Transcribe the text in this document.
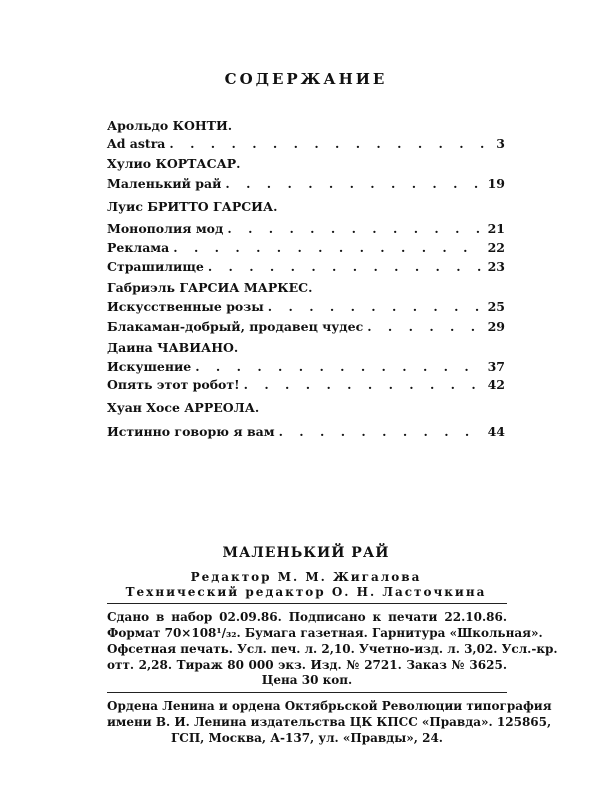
СОДЕРЖАНИЕ
Арольдо КОНТИ.
Ad astra . . .	3
Хулио КОРТАСАР.
Маленький рай . . .	19
Луис БРИТТО ГАРСИА.
Монополия мод . . .	21
Реклама . . .	22
Страшилище . . .	23
Габриэль ГАРСИА МАРКЕС.
Искусственные розы . . .	25
Блакаман-добрый, продавец чудес . . .	29
Даина ЧАВИАНО.
Искушение . . .	37
Опять этот робот! . . .	42
Хуан Хосе АРРЕОЛА.
Истинно говорю я вам . . .	44
МАЛЕНЬКИЙ РАЙ
Редактор М. М. Жигалова
Технический редактор О. Н. Ласточкина
Сдано в набор 02.09.86. Подписано к печати 22.10.86.
Формат 70×108¹/₃₂. Бумага газетная. Гарнитура «Школьная».
Офсетная печать. Усл. печ. л. 2,10. Учетно-изд. л. 3,02. Усл.-кр.
отт. 2,28. Тираж 80 000 экз. Изд. № 2721. Заказ № 3625.
Цена 30 коп.
Ордена Ленина и ордена Октябрьской Революции типография
имени В. И. Ленина издательства ЦК КПСС «Правда». 125865,
ГСП, Москва, А-137, ул. «Правды», 24.
